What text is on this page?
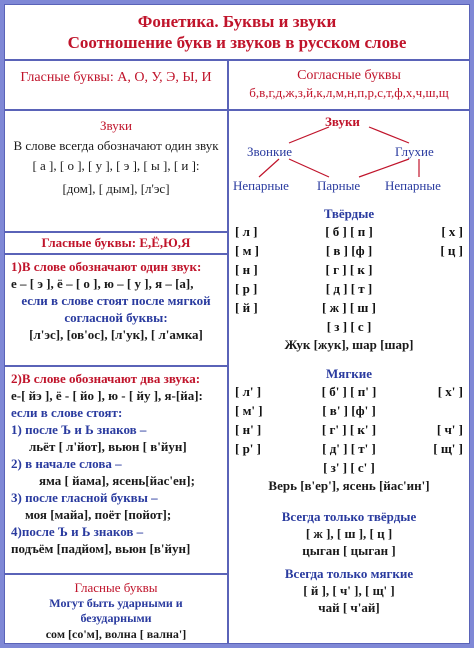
Фонетика. Буквы и звуки
Соотношение букв и звуков в русском слове
Гласные буквы: А, О, У, Э, Ы, И
Звуки
В слове всегда обозначают один звук
[ а ], [ о ], [ у ], [ э ], [ ы ], [ и ]:
[дом], [ дым], [л'эс]
Гласные буквы: Е,Ё,Ю,Я
1)В слове обозначают один звук:
е – [ э ], ё – [ о ], ю – [ у ], я – [а],
если в слове стоят после мягкой согласной буквы:
[л'эс], [ов'ос], [л'ук], [ л'амка]
2)В слове обозначают два звука:
е-[ йэ ], ё - [ йо ], ю - [ йу ], я-[йа]:
если в слове стоят:
1) после Ъ и Ь знаков –
льёт [ л'йот], вьюн [ в'йун]
2) в начале слова –
яма [ йама], ясень[йас'ен];
3) после гласной буквы –
моя [майа], поёт [пойот];
4)после Ъ и Ь знаков –
подъём [падйом], вьюн [в'йун]
Гласные буквы
Могут быть ударными и безударными
сом [со'м], волна [ вална']
Согласные буквы
б,в,г,д,ж,з,й,к,л,м,н,п,р,с,т,ф,х,ч,ш,щ
Звуки
Звонкие	Глухие
Непарные Парные Непарные
Твёрдые
[ л ]	[ б ] [ п ]	[ х ]
[ м ]	[ в ] [ф ]	[ ц ]
[ н ]	[ г ] [ к ]
[ р ]	[ д ] [ т ]
[ й ]	[ ж ] [ ш ]
[ з ] [ с ]
Жук [жук], шар [шар]
Мягкие
[ л' ]	[ б' ] [ п' ]	[ х' ]
[ м' ]	[ в' ] [ф' ]
[ н' ]	[ г' ] [ к' ]	[ ч' ]
[ р' ]	[ д' ] [ т' ]	[ щ' ]
[ з' ] [ с' ]
Верь [в'ер'], ясень [йас'ин']
Всегда только твёрдые
[ ж ], [ ш ], [ ц ]
цыган [ цыган ]
Всегда только мягкие
[ й ], [ ч' ], [ щ' ]
чай [ ч'ай]
